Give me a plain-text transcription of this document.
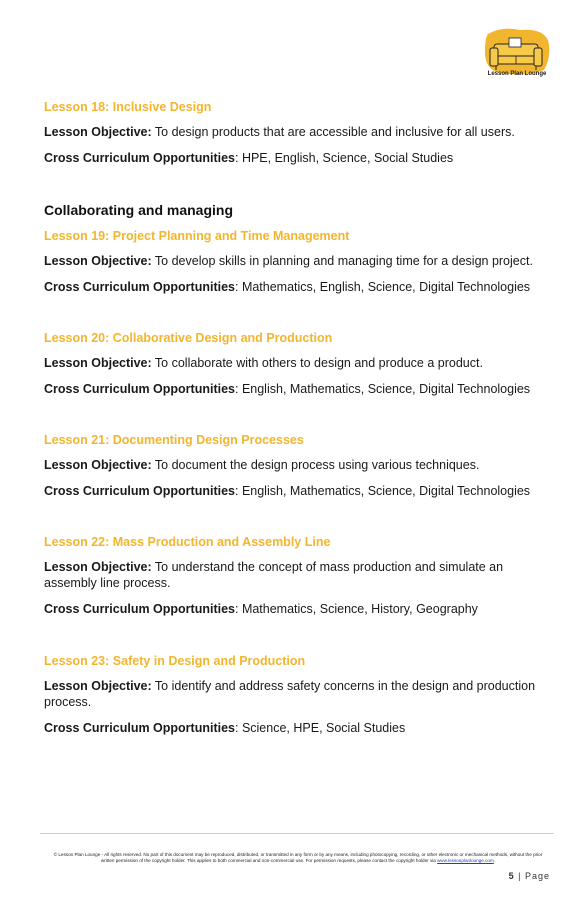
Lesson Plan Lounge

Lesson 18: Inclusive Design

Lesson Objective: To design products that are accessible and inclusive for all users.

Cross Curriculum Opportunities: HPE, English, Science, Social Studies

Collaborating and managing

Lesson 19: Project Planning and Time Management

Lesson Objective: To develop skills in planning and managing time for a design project.

Cross Curriculum Opportunities: Mathematics, English, Science, Digital Technologies

Lesson 20: Collaborative Design and Production

Lesson Objective: To collaborate with others to design and produce a product.

Cross Curriculum Opportunities: English, Mathematics, Science, Digital Technologies

Lesson 21: Documenting Design Processes

Lesson Objective: To document the design process using various techniques.

Cross Curriculum Opportunities: English, Mathematics, Science, Digital Technologies

Lesson 22: Mass Production and Assembly Line

Lesson Objective: To understand the concept of mass production and simulate an assembly line process.

Cross Curriculum Opportunities: Mathematics, Science, History, Geography

Lesson 23: Safety in Design and Production

Lesson Objective: To identify and address safety concerns in the design and production process.

Cross Curriculum Opportunities: Science, HPE, Social Studies

© Lesson Plan Lounge - All rights reserved. No part of this document may be reproduced, distributed, or transmitted in any form or by any means, including photocopying, recording, or other electronic or mechanical methods, without the prior written permission of the copyright holder. This applies to both commercial and non-commercial use. For permission requests, please contact the copyright holder via www.lessonplanlounge.com.
5 | Page
